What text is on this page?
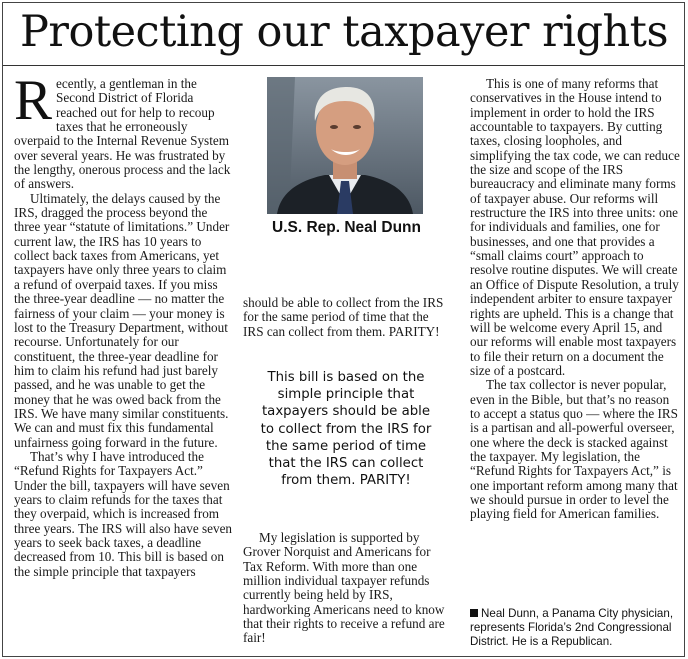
Protecting our taxpayer rights

Recently, a gentleman in the Second District of Florida reached out for help to recoup taxes that he erroneously overpaid to the Internal Revenue System over several years. He was frustrated by the lengthy, onerous process and the lack of answers.

Ultimately, the delays caused by the IRS, dragged the process beyond the three year “statute of limitations.” Under current law, the IRS has 10 years to collect back taxes from Americans, yet taxpayers have only three years to claim a refund of overpaid taxes. If you miss the three-year deadline — no matter the fairness of your claim — your money is lost to the Treasury Department, without recourse. Unfortunately for our constituent, the three-year deadline for him to claim his refund had just barely passed, and he was unable to get the money that he was owed back from the IRS. We have many similar constituents. We can and must fix this fundamental unfairness going forward in the future.

That’s why I have introduced the “Refund Rights for Taxpayers Act.” Under the bill, taxpayers will have seven years to claim refunds for the taxes that they overpaid, which is increased from three years. The IRS will also have seven years to seek back taxes, a deadline decreased from 10. This bill is based on the simple principle that taxpayers

U.S. Rep. Neal Dunn

should be able to collect from the IRS for the same period of time that the IRS can collect from them. PARITY!

This bill is based on the simple principle that taxpayers should be able to collect from the IRS for the same period of time that the IRS can collect from them. PARITY!

My legislation is supported by Grover Norquist and Americans for Tax Reform. With more than one million individual taxpayer refunds currently being held by IRS, hardworking Americans need to know that their rights to receive a refund are fair!

This is one of many reforms that conservatives in the House intend to implement in order to hold the IRS accountable to taxpayers. By cutting taxes, closing loopholes, and simplifying the tax code, we can reduce the size and scope of the IRS bureaucracy and eliminate many forms of taxpayer abuse. Our reforms will restructure the IRS into three units: one for individuals and families, one for businesses, and one that provides a “small claims court” approach to resolve routine disputes. We will create an Office of Dispute Resolution, a truly independent arbiter to ensure taxpayer rights are upheld. This is a change that will be welcome every April 15, and our reforms will enable most taxpayers to file their return on a document the size of a postcard.

The tax collector is never popular, even in the Bible, but that’s no reason to accept a status quo — where the IRS is a partisan and all-powerful overseer, one where the deck is stacked against the taxpayer. My legislation, the “Refund Rights for Taxpayers Act,” is one important reform among many that we should pursue in order to level the playing field for American families.

Neal Dunn, a Panama City physician, represents Florida’s 2nd Congressional District. He is a Republican.
